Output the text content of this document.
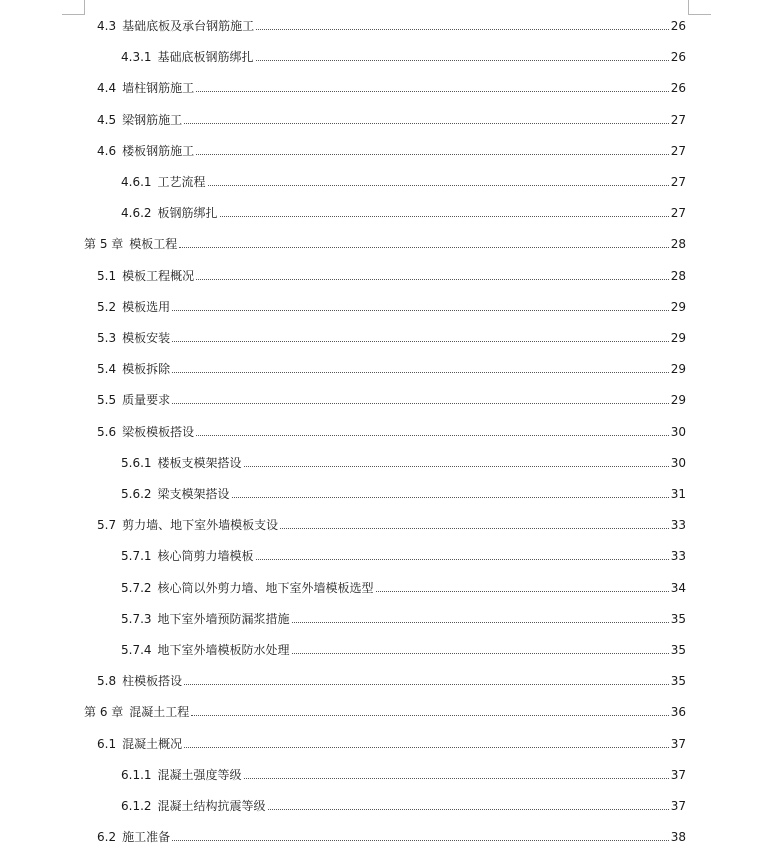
4.3 基础底板及承台钢筋施工	26
4.3.1 基础底板钢筋绑扎	26
4.4 墙柱钢筋施工	26
4.5 梁钢筋施工	27
4.6 楼板钢筋施工	27
4.6.1 工艺流程	27
4.6.2 板钢筋绑扎	27
第 5 章 模板工程	28
5.1 模板工程概况	28
5.2 模板选用	29
5.3 模板安装	29
5.4 模板拆除	29
5.5 质量要求	29
5.6 梁板模板搭设	30
5.6.1 楼板支模架搭设	30
5.6.2 梁支模架搭设	31
5.7 剪力墙、地下室外墙模板支设	33
5.7.1 核心筒剪力墙模板	33
5.7.2 核心筒以外剪力墙、地下室外墙模板选型	34
5.7.3 地下室外墙预防漏浆措施	35
5.7.4 地下室外墙模板防水处理	35
5.8 柱模板搭设	35
第 6 章 混凝土工程	36
6.1 混凝土概况	37
6.1.1 混凝土强度等级	37
6.1.2 混凝土结构抗震等级	37
6.2 施工准备	38
